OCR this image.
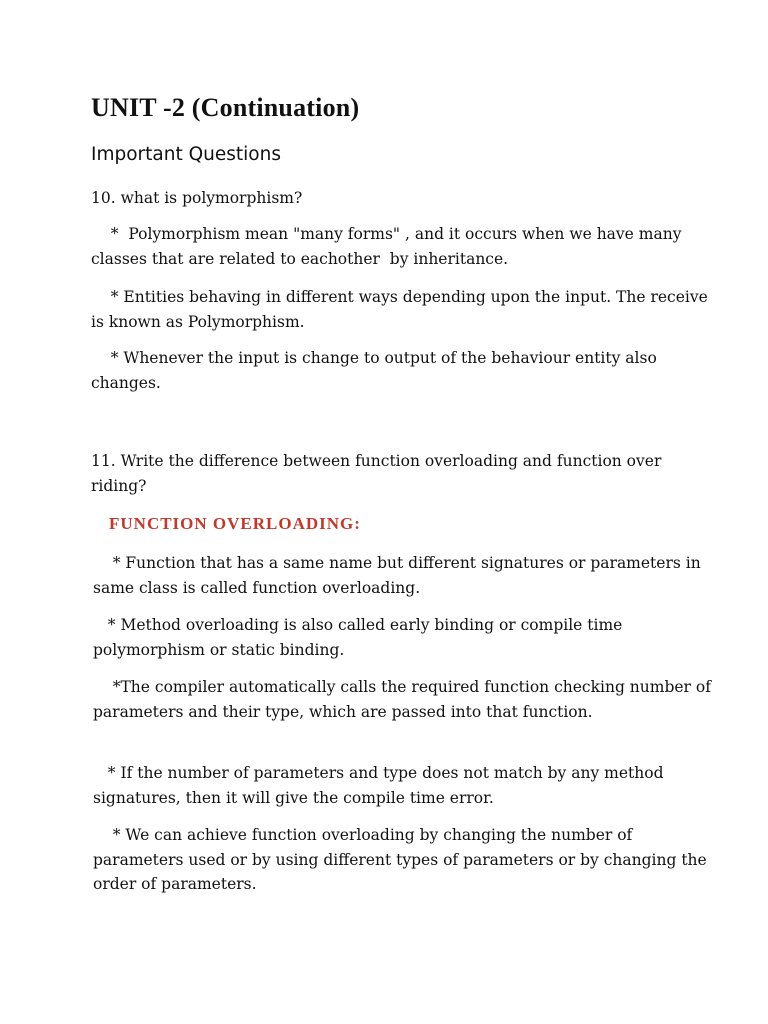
UNIT -2 (Continuation)
Important Questions

10. what is polymorphism?

*  Polymorphism mean "many forms" , and it occurs when we have many classes that are related to eachother  by inheritance.

* Entities behaving in different ways depending upon the input. The receive is known as Polymorphism.

* Whenever the input is change to output of the behaviour entity also changes.

11. Write the difference between function overloading and function over riding?

FUNCTION OVERLOADING:

* Function that has a same name but different signatures or parameters in same class is called function overloading.

* Method overloading is also called early binding or compile time polymorphism or static binding.

*The compiler automatically calls the required function checking number of parameters and their type, which are passed into that function.

* If the number of parameters and type does not match by any method signatures, then it will give the compile time error.

* We can achieve function overloading by changing the number of parameters used or by using different types of parameters or by changing the order of parameters.
